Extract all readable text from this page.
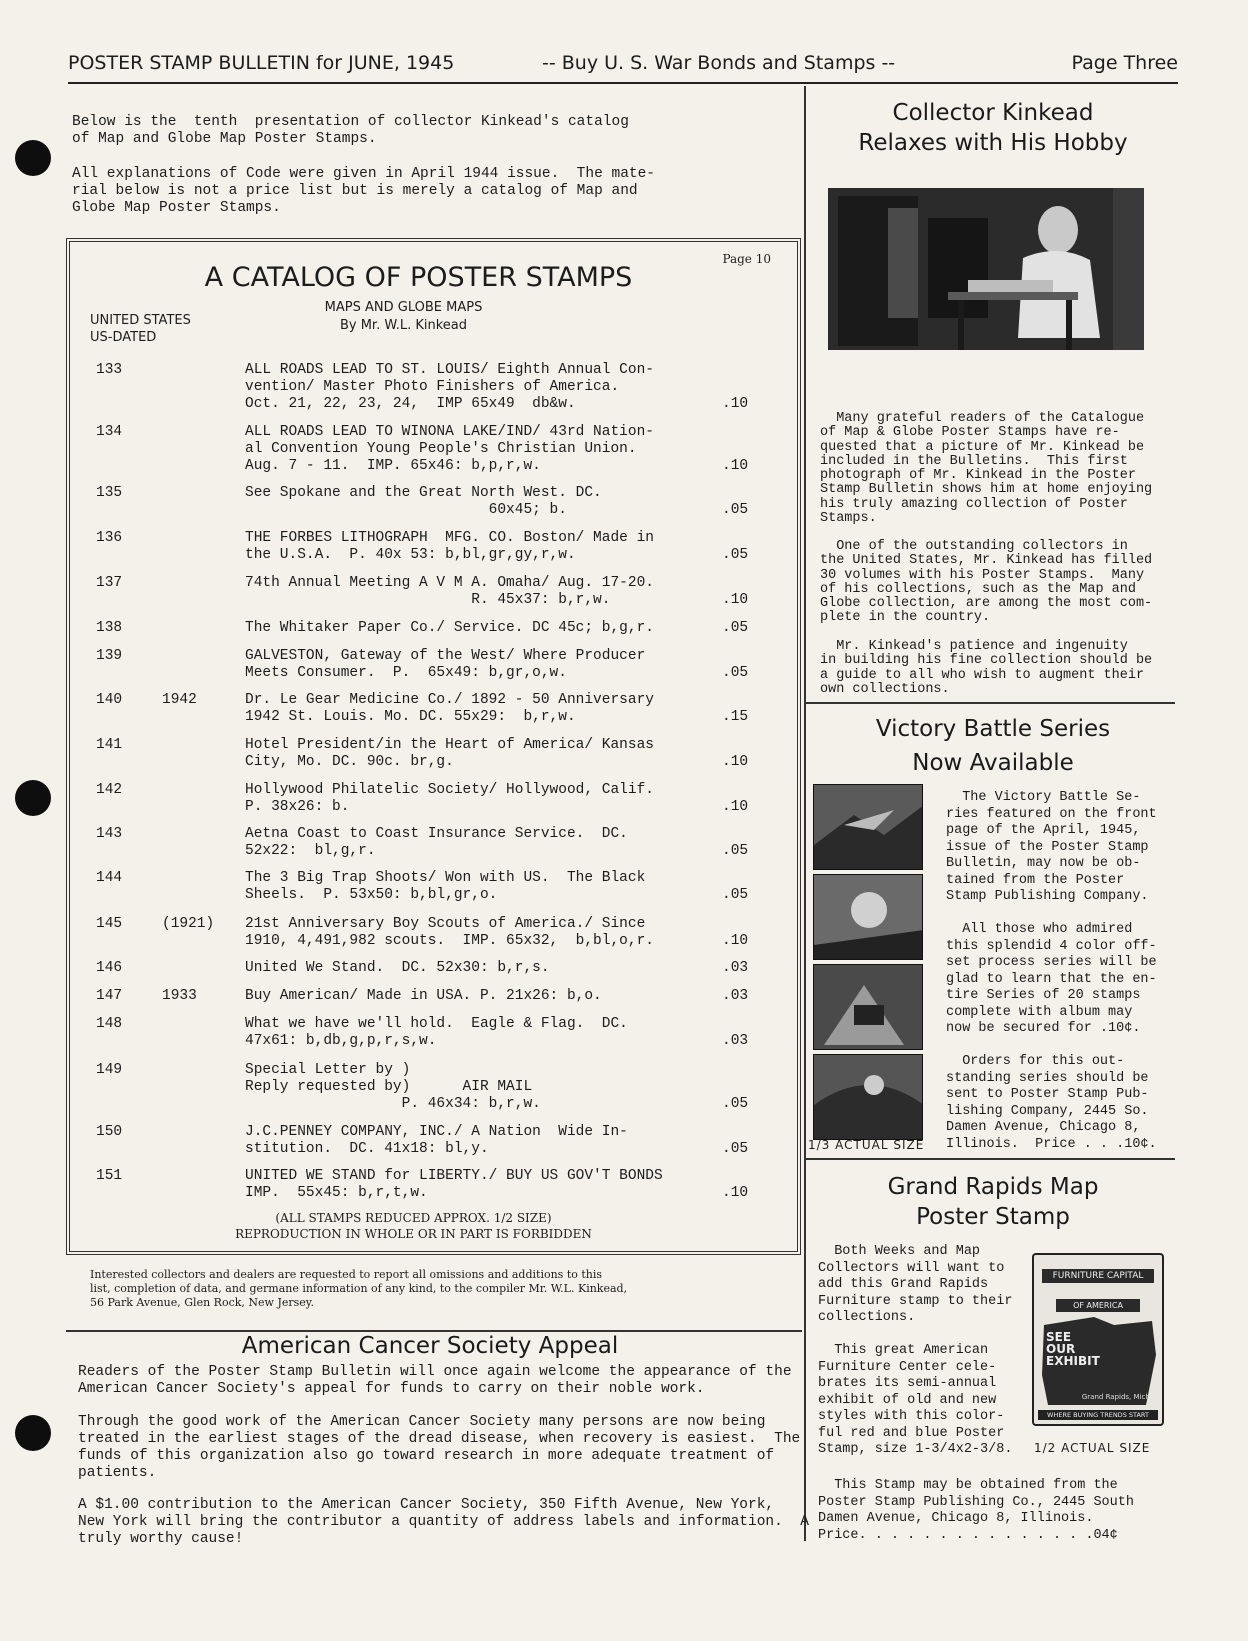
POSTER STAMP BULLETIN for JUNE, 1945	-- Buy U. S. War Bonds and Stamps --	Page Three
Below is the  tenth  presentation of collector Kinkead's catalog
of Map and Globe Map Poster Stamps.
All explanations of Code were given in April 1944 issue.  The mate-
rial below is not a price list but is merely a catalog of Map and
Globe Map Poster Stamps.
Page 10
A CATALOG OF POSTER STAMPS
MAPS AND GLOBE MAPS
By Mr. W.L. Kinkead
UNITED STATES
US-DATED
133	ALL ROADS LEAD TO ST. LOUIS/ Eighth Annual Con-
vention/ Master Photo Finishers of America.
Oct. 21, 22, 23, 24,  IMP 65x49  db&w.	.10
134	ALL ROADS LEAD TO WINONA LAKE/IND/ 43rd Nation-
al Convention Young People's Christian Union.
Aug. 7 - 11.  IMP. 65x46: b,p,r,w.	.10
135	See Spokane and the Great North West. DC.
60x45; b.	.05
136	THE FORBES LITHOGRAPH  MFG. CO. Boston/ Made in
the U.S.A.  P. 40x 53: b,bl,gr,gy,r,w.	.05
137	74th Annual Meeting A V M A. Omaha/ Aug. 17-20.
R. 45x37: b,r,w.	.10
138	The Whitaker Paper Co./ Service. DC 45c; b,g,r.	.05
139	GALVESTON, Gateway of the West/ Where Producer
Meets Consumer.  P.  65x49: b,gr,o,w.	.05
140	1942	Dr. Le Gear Medicine Co./ 1892 - 50 Anniversary
1942 St. Louis. Mo. DC. 55x29:  b,r,w.	.15
141	Hotel President/in the Heart of America/ Kansas
City, Mo. DC. 90c. br,g.	.10
142	Hollywood Philatelic Society/ Hollywood, Calif.
P. 38x26: b.	.10
143	Aetna Coast to Coast Insurance Service.  DC.
52x22:  bl,g,r.	.05
144	The 3 Big Trap Shoots/ Won with US.  The Black
Sheels.  P. 53x50: b,bl,gr,o.	.05
145	(1921) 21st Anniversary Boy Scouts of America./ Since
1910, 4,491,982 scouts.  IMP. 65x32,  b,bl,o,r.	.10
146	United We Stand.  DC. 52x30: b,r,s.	.03
147	1933	Buy American/ Made in USA. P. 21x26: b,o.	.03
148	What we have we'll hold.  Eagle & Flag.  DC.
47x61: b,db,g,p,r,s,w.	.03
149	Special Letter by )
Reply requested by)      AIR MAIL
P. 46x34: b,r,w.	.05
150	J.C.PENNEY COMPANY, INC./ A Nation  Wide In-
stitution.  DC. 41x18: bl,y.	.05
151	UNITED WE STAND for LIBERTY./ BUY US GOV'T BONDS
IMP.  55x45: b,r,t,w.	.10
(ALL STAMPS REDUCED APPROX. 1/2 SIZE)
REPRODUCTION IN WHOLE OR IN PART IS FORBIDDEN
Interested collectors and dealers are requested to report all omissions and additions to this
list, completion of data, and germane information of any kind, to the compiler Mr. W.L. Kinkead,
56 Park Avenue, Glen Rock, New Jersey.
American Cancer Society Appeal
Readers of the Poster Stamp Bulletin will once again welcome the appearance of the
American Cancer Society's appeal for funds to carry on their noble work.
Through the good work of the American Cancer Society many persons are now being
treated in the earliest stages of the dread disease, when recovery is easiest.  The
funds of this organization also go toward research in more adequate treatment of
patients.
A $1.00 contribution to the American Cancer Society, 350 Fifth Avenue, New York,
New York will bring the contributor a quantity of address labels and information.  A
truly worthy cause!
Collector Kinkead
Relaxes with His Hobby
Many grateful readers of the Catalogue
of Map & Globe Poster Stamps have re-
quested that a picture of Mr. Kinkead be
included in the Bulletins.  This first
photograph of Mr. Kinkead in the Poster
Stamp Bulletin shows him at home enjoying
his truly amazing collection of Poster
Stamps.
One of the outstanding collectors in
the United States, Mr. Kinkead has filled
30 volumes with his Poster Stamps.  Many
of his collections, such as the Map and
Globe collection, are among the most com-
plete in the country.
Mr. Kinkead's patience and ingenuity
in building his fine collection should be
a guide to all who wish to augment their
own collections.
Victory Battle Series
Now Available
1/3 ACTUAL SIZE
The Victory Battle Se-
ries featured on the front
page of the April, 1945,
issue of the Poster Stamp
Bulletin, may now be ob-
tained from the Poster
Stamp Publishing Company.
All those who admired
this splendid 4 color off-
set process series will be
glad to learn that the en-
tire Series of 20 stamps
complete with album may
now be secured for .10¢.
Orders for this out-
standing series should be
sent to Poster Stamp Pub-
lishing Company, 2445 So.
Damen Avenue, Chicago 8,
Illinois.  Price . . .10¢.
Grand Rapids Map
Poster Stamp
Both Weeks and Map
Collectors will want to
add this Grand Rapids
Furniture stamp to their
collections.
This great American
Furniture Center cele-
brates its semi-annual
exhibit of old and new
styles with this color-
ful red and blue Poster
Stamp, size 1-3/4x2-3/8.
FURNITURE CAPITAL
OF AMERICA
SEE
OUR
EXHIBIT
Grand Rapids, Mich.
WHERE BUYING TRENDS START
1/2 ACTUAL SIZE
This Stamp may be obtained from the
Poster Stamp Publishing Co., 2445 South
Damen Avenue, Chicago 8, Illinois.
Price. . . . . . . . . . . . . . .04¢
